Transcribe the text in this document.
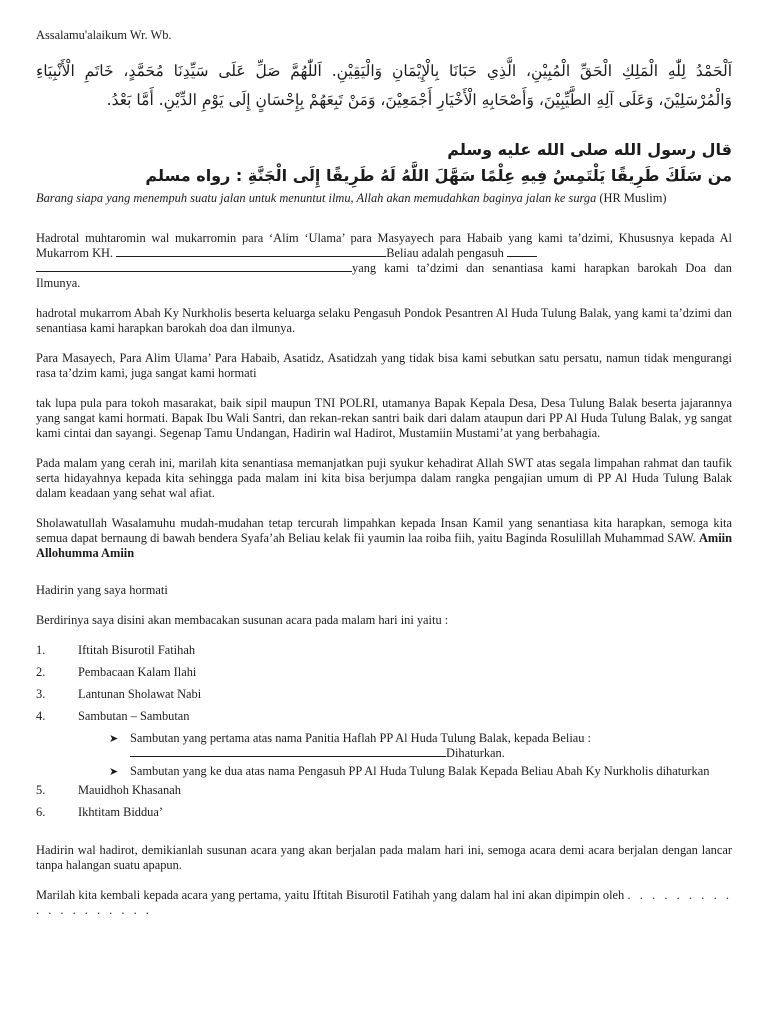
Assalamu'alaikum Wr. Wb.
اَلْحَمْدُ لِلّٰهِ الْمَلِكِ الْحَقِّ الْمُبِيْنِ، الَّذِي حَبَانَا بِالْإِيْمَانِ وَالْيَقِيْنِ. اَللّٰهُمَّ صَلِّ عَلَى سَيِّدِنَا مُحَمَّدٍ، خَاتَمِ الْأَنْبِيَاءِ وَالْمُرْسَلِيْنَ، وَعَلَى آلِهِ الطَّيِّبِيْنَ، وَأَصْحَابِهِ الْأَخْيَارِ أَجْمَعِيْنَ، وَمَنْ تَبِعَهُمْ بِإِحْسَانٍ إِلَى يَوْمِ الدِّيْنِ. أَمَّا بَعْدُ.
قال رسول الله صلى الله عليه وسلم
من سَلَكَ طَرِيقًا يَلْتَمِسُ فِيهِ عِلْمًا سَهَّلَ اللَّهُ لَهُ طَرِيقًا إِلَى الْجَنَّةِ : رواه مسلم
Barang siapa yang menempuh suatu jalan untuk menuntut ilmu, Allah akan memudahkan baginya jalan ke surga (HR Muslim)

Hadrotal muhtaromin wal mukarromin para ‘Alim ‘Ulama’ para Masyayech para Habaib yang kami ta’dzimi, Khususnya kepada Al Mukarrom KH.	Beliau adalah pengasuh
yang kami ta’dzimi dan senantiasa kami harapkan barokah Doa dan Ilmunya.

hadrotal mukarrom Abah Ky Nurkholis beserta keluarga selaku Pengasuh Pondok Pesantren Al Huda Tulung Balak, yang kami ta’dzimi dan senantiasa kami harapkan barokah doa dan ilmunya.

Para Masayech, Para Alim Ulama’ Para Habaib, Asatidz, Asatidzah yang tidak bisa kami sebutkan satu persatu, namun tidak mengurangi rasa ta’dzim kami, juga sangat kami hormati

tak lupa pula para tokoh masarakat, baik sipil maupun TNI POLRI, utamanya Bapak Kepala Desa, Desa Tulung Balak beserta jajarannya yang sangat kami hormati. Bapak Ibu Wali Santri, dan rekan-rekan santri baik dari dalam ataupun dari PP Al Huda Tulung Balak, yg sangat kami cintai dan sayangi. Segenap Tamu Undangan, Hadirin wal Hadirot, Mustamiin Mustami’at yang berbahagia.

Pada malam yang cerah ini, marilah kita senantiasa memanjatkan puji syukur kehadirat Allah SWT atas segala limpahan rahmat dan taufik serta hidayahnya kepada kita sehingga pada malam ini kita bisa berjumpa dalam rangka pengajian umum di PP Al Huda Tulung Balak dalam keadaan yang sehat wal afiat.

Sholawatullah Wasalamuhu mudah-mudahan tetap tercurah limpahkan kepada Insan Kamil yang senantiasa kita harapkan, semoga kita semua dapat bernaung di bawah bendera Syafa’ah Beliau kelak fii yaumin laa roiba fiih, yaitu Baginda Rosulillah Muhammad SAW. Amiin Allohumma Amiin

Hadirin yang saya hormati

Berdirinya saya disini akan membacakan susunan acara pada malam hari ini yaitu :

1.	Iftitah Bisurotil Fatihah
2.	Pembacaan Kalam Ilahi
3.	Lantunan Sholawat Nabi
4.	Sambutan – Sambutan
➤ Sambutan yang pertama atas nama Panitia Haflah PP Al Huda Tulung Balak, kepada Beliau :
Dihaturkan.
➤ Sambutan yang ke dua atas nama Pengasuh PP Al Huda Tulung Balak Kepada Beliau Abah Ky Nurkholis dihaturkan
5.	Mauidhoh Khasanah
6.	Ikhtitam Biddua’

Hadirin wal hadirot, demikianlah susunan acara yang akan berjalan pada malam hari ini, semoga acara demi acara berjalan dengan lancar tanpa halangan suatu apapun.

Marilah kita kembali kepada acara yang pertama, yaitu Iftitah Bisurotil Fatihah yang dalam hal ini akan dipimpin oleh . . . . . . . . . . . . . . . . . . .
